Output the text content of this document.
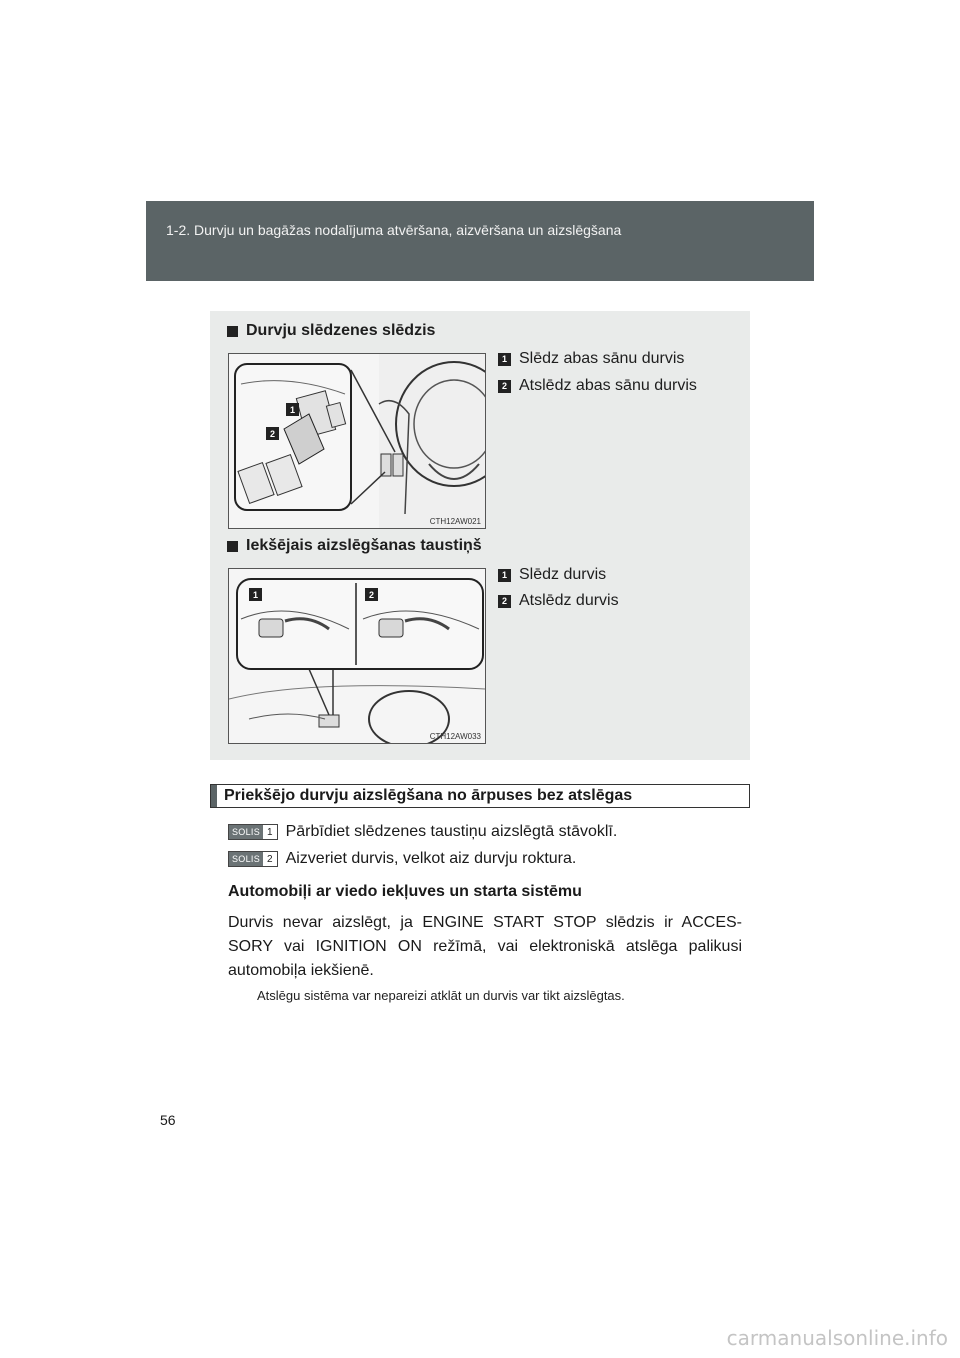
1-2. Durvju un bagāžas nodalījuma atvēršana, aizvēršana un aizslēgšana
Durvju slēdzenes slēdzis
1
2
CTH12AW021
1 Slēdz abas sānu durvis
2 Atslēdz abas sānu durvis
Iekšējais aizslēgšanas taustiņš
1	2
CTH12AW033
1 Slēdz durvis
2 Atslēdz durvis
Priekšējo durvju aizslēgšana no ārpuses bez atslēgas
SOLIS 1 Pārbīdiet slēdzenes taustiņu aizslēgtā stāvoklī.
SOLIS 2 Aizveriet durvis, velkot aiz durvju roktura.
Automobiļi ar viedo iekļuves un starta sistēmu
Durvis nevar aizslēgt, ja ENGINE START STOP slēdzis ir ACCES- SORY vai IGNITION ON režīmā, vai elektroniskā atslēga palikusi automobiļa iekšienē.
Atslēgu sistēma var nepareizi atklāt un durvis var tikt aizslēgtas.
56
carmanualsonline.info
